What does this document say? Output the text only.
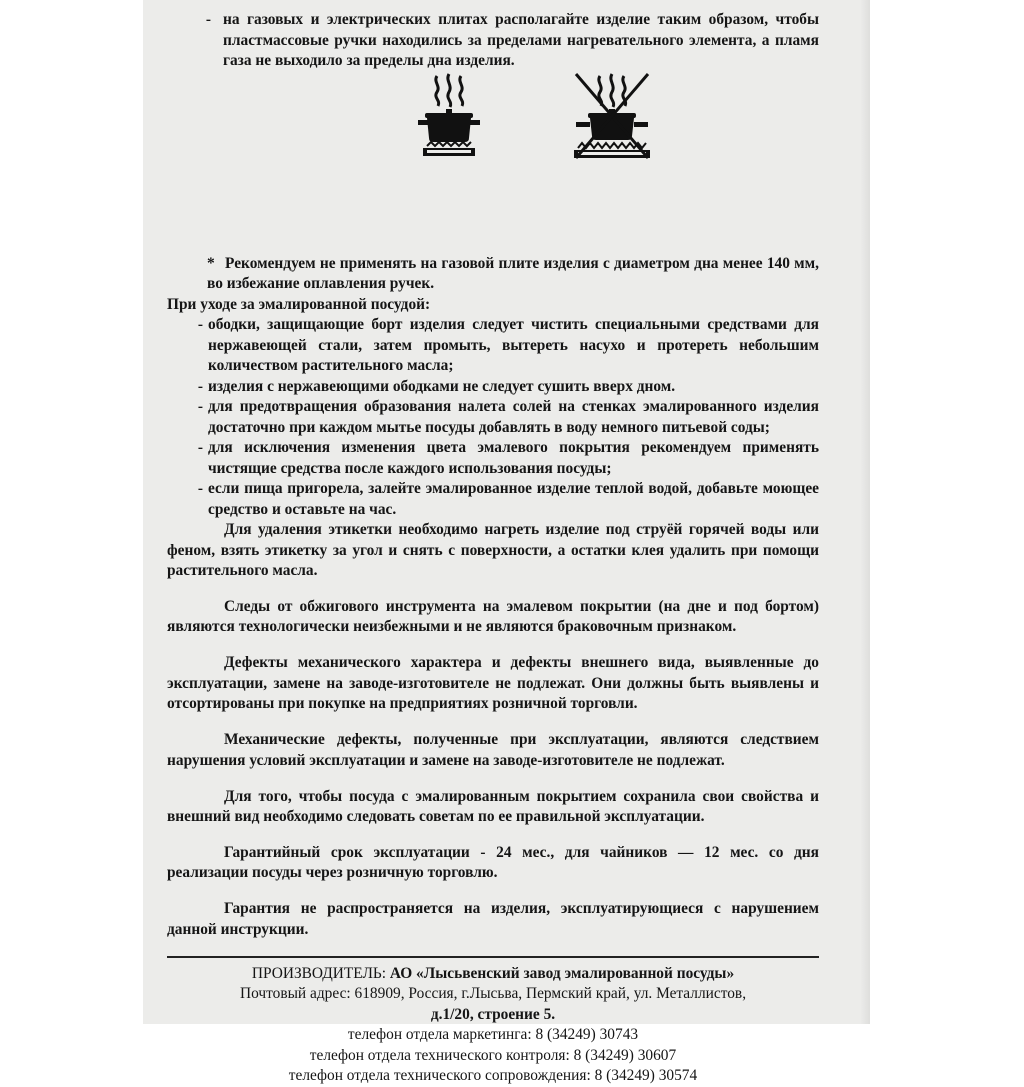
- на газовых и электрических плитах располагайте изделие таким образом, чтобы пластмассовые ручки находились за пределами нагревательного элемента, а пламя газа не выходило за пределы дна изделия.
* Рекомендуем не применять на газовой плите изделия с диаметром дна менее 140 мм, во избежание оплавления ручек.
При уходе за эмалированной посудой:
- ободки, защищающие борт изделия следует чистить специальными средствами для нержавеющей стали, затем промыть, вытереть насухо и протереть небольшим количеством растительного масла;
- изделия с нержавеющими ободками не следует сушить вверх дном.
- для предотвращения образования налета солей на стенках эмалированного изделия достаточно при каждом мытье посуды добавлять в воду немного питьевой соды;
- для исключения изменения цвета эмалевого покрытия рекомендуем применять чистящие средства после каждого использования посуды;
- если пища пригорела, залейте эмалированное изделие теплой водой, добавьте моющее средство и оставьте на час.

Для удаления этикетки необходимо нагреть изделие под струёй горячей воды или феном, взять этикетку за угол и снять с поверхности, а остатки клея удалить при помощи растительного масла.

Следы от обжигового инструмента на эмалевом покрытии (на дне и под бортом) являются технологически неизбежными и не являются браковочным признаком.

Дефекты механического характера и дефекты внешнего вида, выявленные до эксплуатации, замене на заводе-изготовителе не подлежат. Они должны быть выявлены и отсортированы при покупке на предприятиях розничной торговли.

Механические дефекты, полученные при эксплуатации, являются следствием нарушения условий эксплуатации и замене на заводе-изготовителе не подлежат.

Для того, чтобы посуда с эмалированным покрытием сохранила свои свойства и внешний вид необходимо следовать советам по ее правильной эксплуатации.

Гарантийный срок эксплуатации - 24 мес., для чайников — 12 мес. со дня реализации посуды через розничную торговлю.

Гарантия не распространяется на изделия, эксплуатирующиеся с нарушением данной инструкции.

ПРОИЗВОДИТЕЛЬ: АО «Лысьвенский завод эмалированной посуды»
Почтовый адрес: 618909, Россия, г.Лысьва, Пермский край, ул. Металлистов,
д.1/20, строение 5.
телефон отдела маркетинга: 8 (34249) 30743
телефон отдела технического контроля: 8 (34249) 30607
телефон отдела технического сопровождения: 8 (34249) 30574
